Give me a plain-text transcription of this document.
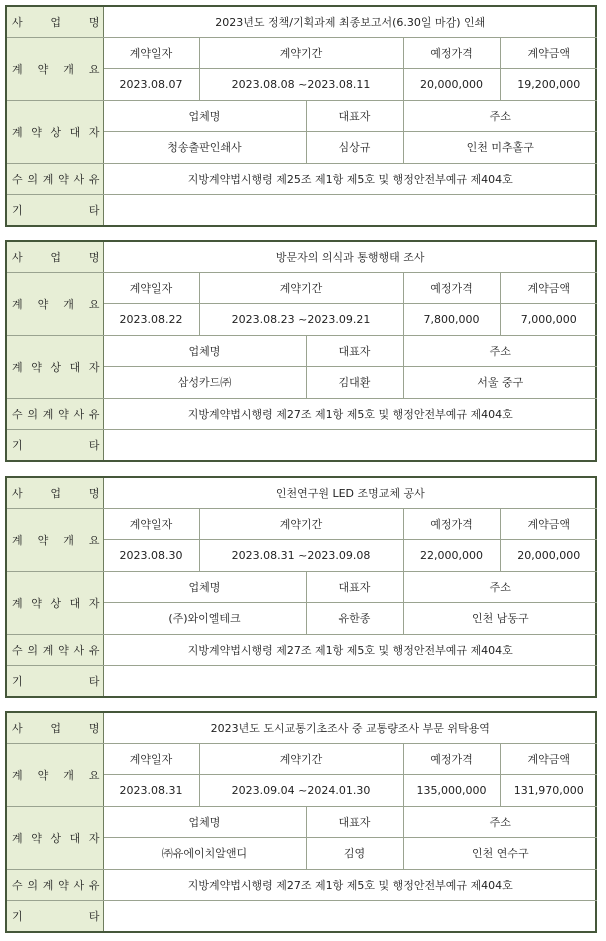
사 업 명	2023년도 정책/기획과제 최종보고서(6.30일 마감) 인쇄				
계 약 개 요	계약일자	계약기간		예정가격	계약금액
	2023.08.07	2023.08.08 ~2023.08.11		20,000,000	19,200,000
계 약 상 대 자	업체명		대표자	주소	
	청송출판인쇄사		심상규	인천 미추홀구	
수 의 계 약 사 유	지방계약법시행령 제25조 제1항 제5호 및 행정안전부예규 제404호				
기 타					
사 업 명	방문자의 의식과 통행행태 조사				
계 약 개 요	계약일자	계약기간		예정가격	계약금액
	2023.08.22	2023.08.23 ~2023.09.21		7,800,000	7,000,000
계 약 상 대 자	업체명		대표자	주소	
	삼성카드㈜		김대환	서울 중구	
수 의 계 약 사 유	지방계약법시행령 제27조 제1항 제5호 및 행정안전부예규 제404호				
기 타					
사 업 명	인천연구원 LED 조명교체 공사				
계 약 개 요	계약일자	계약기간		예정가격	계약금액
	2023.08.30	2023.08.31 ~2023.09.08		22,000,000	20,000,000
계 약 상 대 자	업체명		대표자	주소	
	(주)와이엘테크		유한종	인천 남동구	
수 의 계 약 사 유	지방계약법시행령 제27조 제1항 제5호 및 행정안전부예규 제404호				
기 타					
사 업 명	2023년도 도시교통기초조사 중 교통량조사 부문 위탁용역				
계 약 개 요	계약일자	계약기간		예정가격	계약금액
	2023.08.31	2023.09.04 ~2024.01.30		135,000,000	131,970,000
계 약 상 대 자	업체명		대표자	주소	
	㈜유에이치알앤디		김영	인천 연수구	
수 의 계 약 사 유	지방계약법시행령 제27조 제1항 제5호 및 행정안전부예규 제404호				
기 타					
